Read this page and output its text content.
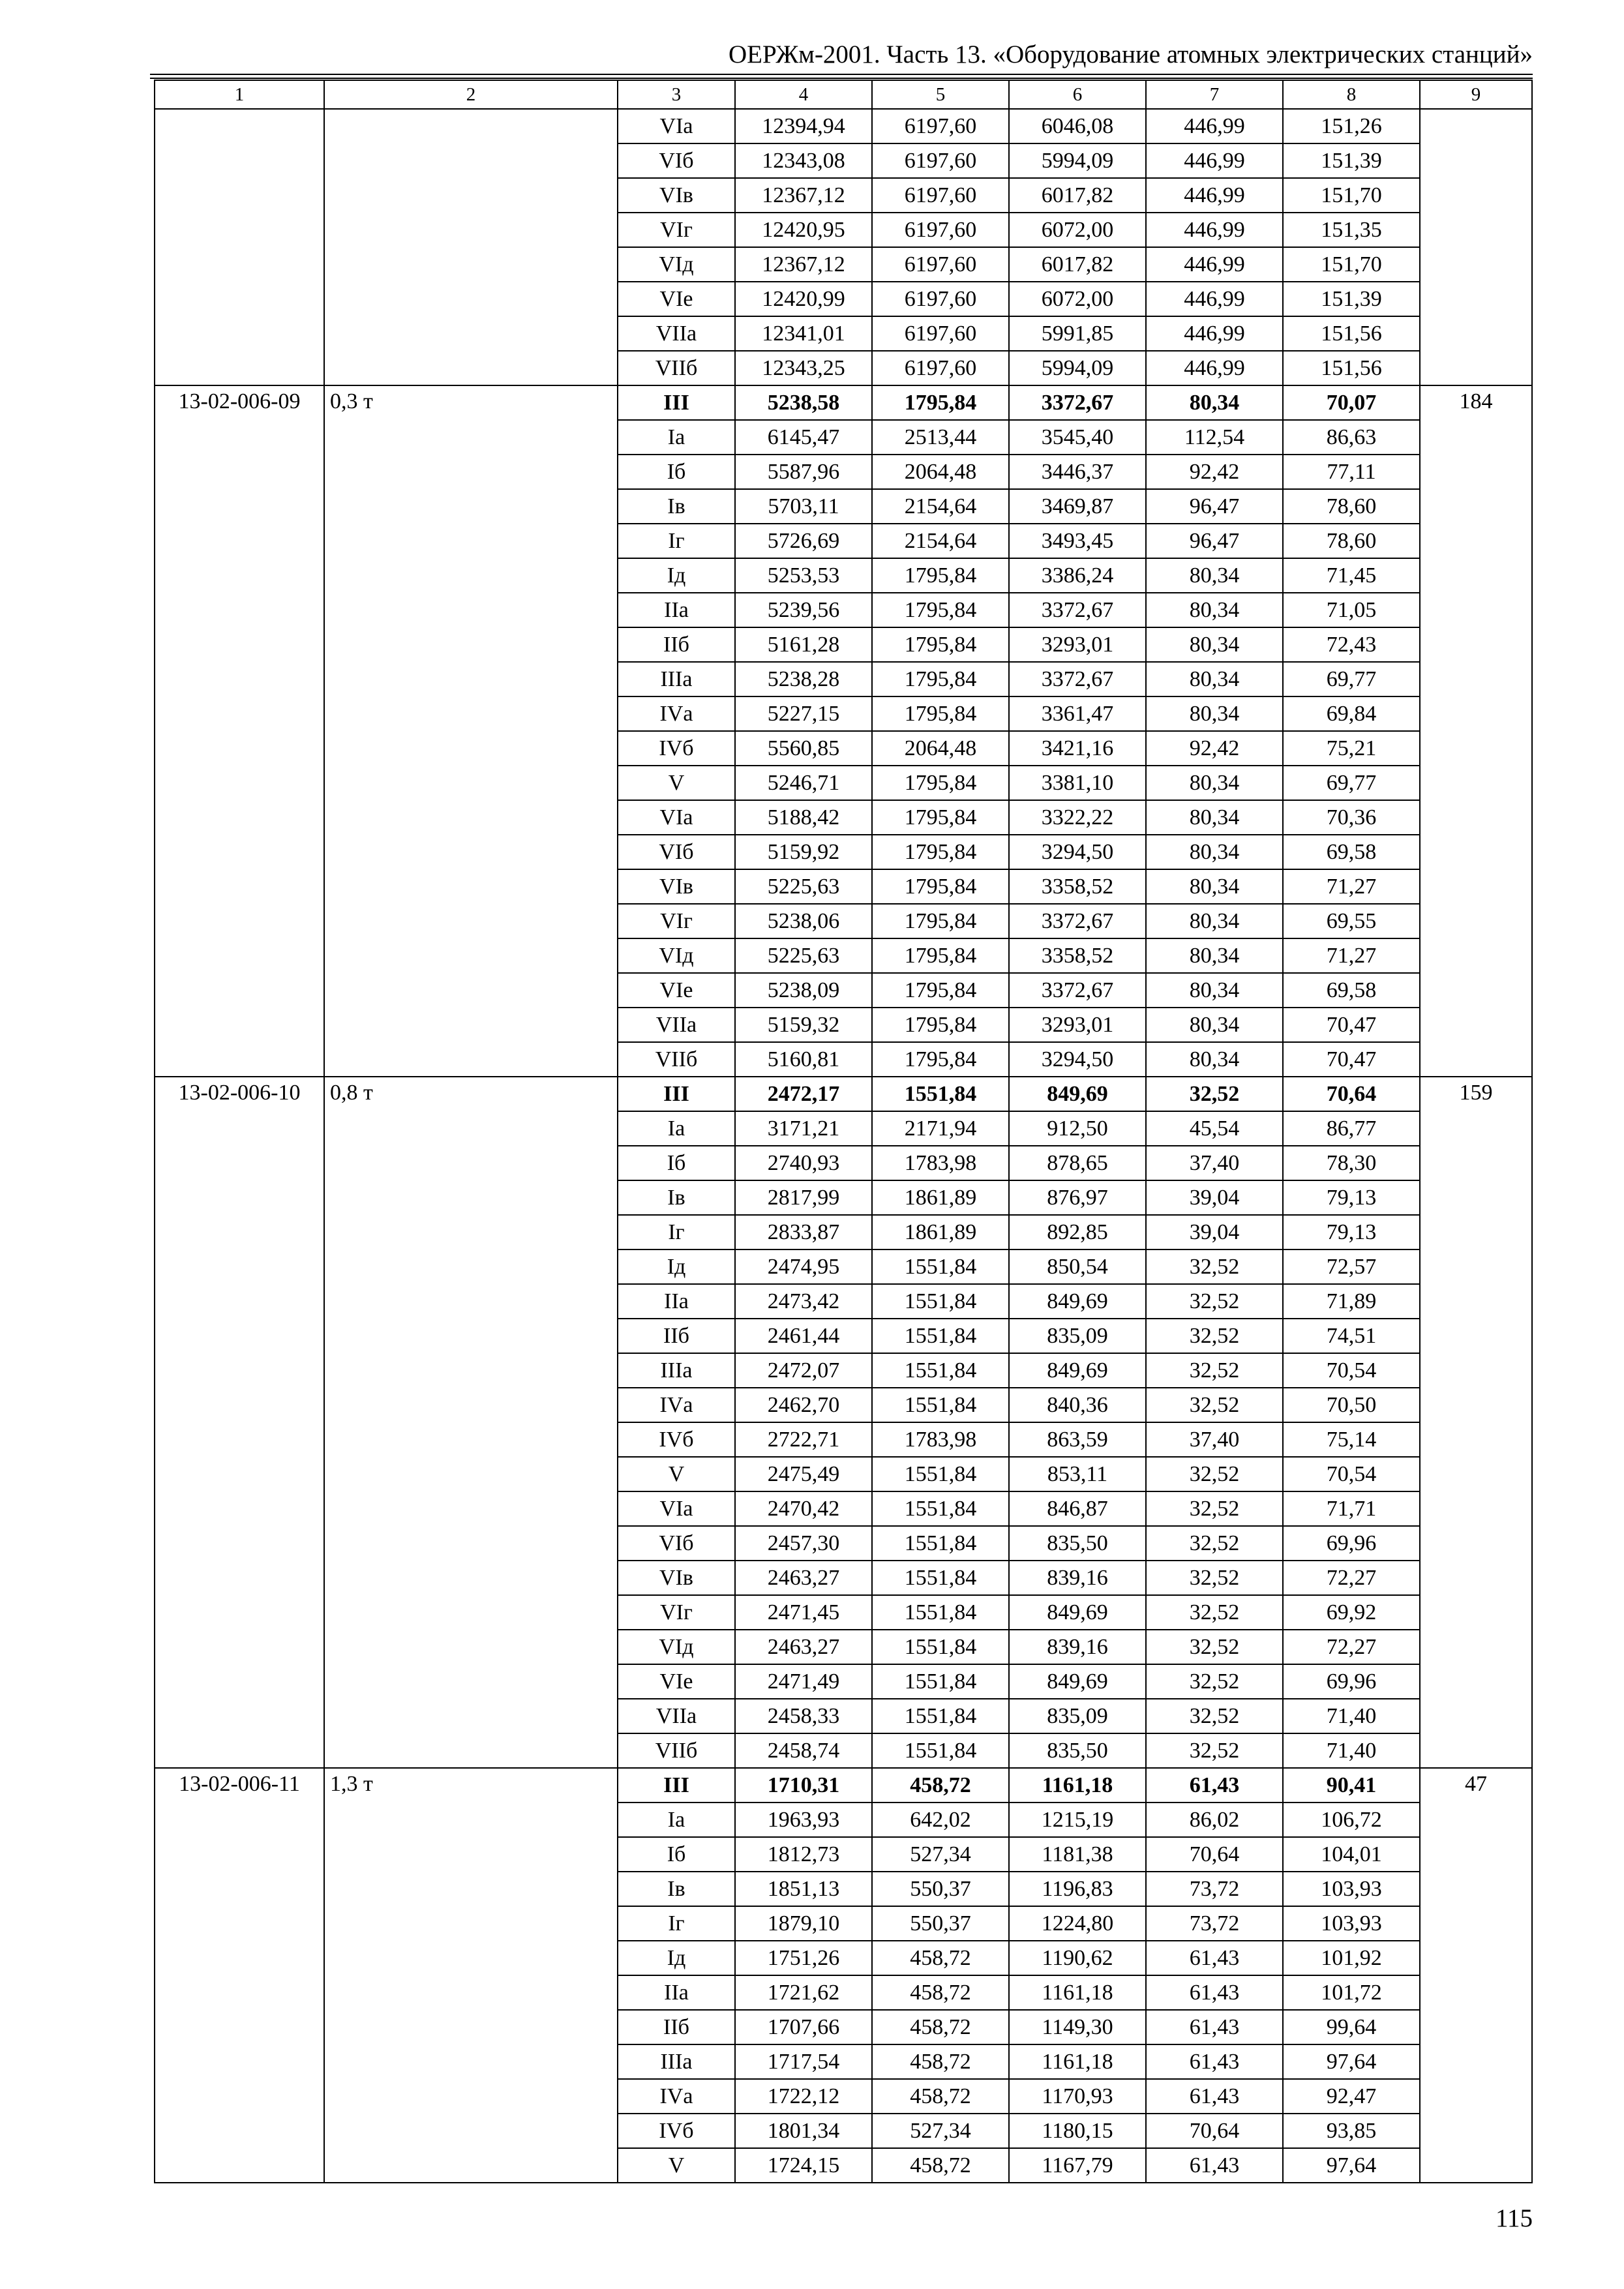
ОЕРЖм-2001. Часть 13. «Оборудование атомных электрических станций»
1	2	3	4	5	6	7	8	9
		VIа	12394,94	6197,60	6046,08	446,99	151,26	
		VIб	12343,08	6197,60	5994,09	446,99	151,39	
		VIв	12367,12	6197,60	6017,82	446,99	151,70	
		VIг	12420,95	6197,60	6072,00	446,99	151,35	
		VIд	12367,12	6197,60	6017,82	446,99	151,70	
		VIе	12420,99	6197,60	6072,00	446,99	151,39	
		VIIа	12341,01	6197,60	5991,85	446,99	151,56	
		VIIб	12343,25	6197,60	5994,09	446,99	151,56	
13-02-006-09	0,3 т	III	5238,58	1795,84	3372,67	80,34	70,07	184
		Iа	6145,47	2513,44	3545,40	112,54	86,63	
		Iб	5587,96	2064,48	3446,37	92,42	77,11	
		Iв	5703,11	2154,64	3469,87	96,47	78,60	
		Iг	5726,69	2154,64	3493,45	96,47	78,60	
		Iд	5253,53	1795,84	3386,24	80,34	71,45	
		IIа	5239,56	1795,84	3372,67	80,34	71,05	
		IIб	5161,28	1795,84	3293,01	80,34	72,43	
		IIIа	5238,28	1795,84	3372,67	80,34	69,77	
		IVа	5227,15	1795,84	3361,47	80,34	69,84	
		IVб	5560,85	2064,48	3421,16	92,42	75,21	
		V	5246,71	1795,84	3381,10	80,34	69,77	
		VIа	5188,42	1795,84	3322,22	80,34	70,36	
		VIб	5159,92	1795,84	3294,50	80,34	69,58	
		VIв	5225,63	1795,84	3358,52	80,34	71,27	
		VIг	5238,06	1795,84	3372,67	80,34	69,55	
		VIд	5225,63	1795,84	3358,52	80,34	71,27	
		VIе	5238,09	1795,84	3372,67	80,34	69,58	
		VIIа	5159,32	1795,84	3293,01	80,34	70,47	
		VIIб	5160,81	1795,84	3294,50	80,34	70,47	
13-02-006-10	0,8 т	III	2472,17	1551,84	849,69	32,52	70,64	159
		Iа	3171,21	2171,94	912,50	45,54	86,77	
		Iб	2740,93	1783,98	878,65	37,40	78,30	
		Iв	2817,99	1861,89	876,97	39,04	79,13	
		Iг	2833,87	1861,89	892,85	39,04	79,13	
		Iд	2474,95	1551,84	850,54	32,52	72,57	
		IIа	2473,42	1551,84	849,69	32,52	71,89	
		IIб	2461,44	1551,84	835,09	32,52	74,51	
		IIIа	2472,07	1551,84	849,69	32,52	70,54	
		IVа	2462,70	1551,84	840,36	32,52	70,50	
		IVб	2722,71	1783,98	863,59	37,40	75,14	
		V	2475,49	1551,84	853,11	32,52	70,54	
		VIа	2470,42	1551,84	846,87	32,52	71,71	
		VIб	2457,30	1551,84	835,50	32,52	69,96	
		VIв	2463,27	1551,84	839,16	32,52	72,27	
		VIг	2471,45	1551,84	849,69	32,52	69,92	
		VIд	2463,27	1551,84	839,16	32,52	72,27	
		VIе	2471,49	1551,84	849,69	32,52	69,96	
		VIIа	2458,33	1551,84	835,09	32,52	71,40	
		VIIб	2458,74	1551,84	835,50	32,52	71,40	
13-02-006-11	1,3 т	III	1710,31	458,72	1161,18	61,43	90,41	47
		Iа	1963,93	642,02	1215,19	86,02	106,72	
		Iб	1812,73	527,34	1181,38	70,64	104,01	
		Iв	1851,13	550,37	1196,83	73,72	103,93	
		Iг	1879,10	550,37	1224,80	73,72	103,93	
		Iд	1751,26	458,72	1190,62	61,43	101,92	
		IIа	1721,62	458,72	1161,18	61,43	101,72	
		IIб	1707,66	458,72	1149,30	61,43	99,64	
		IIIа	1717,54	458,72	1161,18	61,43	97,64	
		IVа	1722,12	458,72	1170,93	61,43	92,47	
		IVб	1801,34	527,34	1180,15	70,64	93,85	
		V	1724,15	458,72	1167,79	61,43	97,64	
115
